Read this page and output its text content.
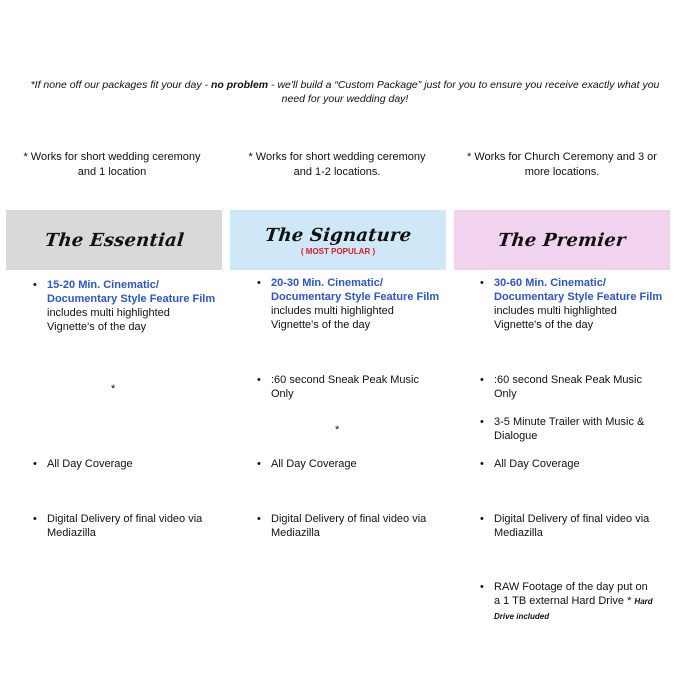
*If none off our packages fit your day - no problem - we'll build a “Custom Package” just for you to ensure you receive exactly what you need for your wedding day!
* Works for short wedding ceremony and 1 location
* Works for short wedding ceremony and 1-2 locations.
* Works for Church Ceremony and 3 or more locations.
The Essential	The Signature
( MOST POPULAR )
The Premier
• 15-20 Min. Cinematic/ Documentary Style Feature Film includes multi highlighted Vignette's of the day
*
• All Day Coverage
• Digital Delivery of final video via Mediazilla
• 20-30 Min. Cinematic/ Documentary Style Feature Film includes multi highlighted Vignette's of the day
• :60 second Sneak Peak Music Only
*
• All Day Coverage
• Digital Delivery of final video via Mediazilla
• 30-60 Min. Cinematic/ Documentary Style Feature Film includes multi highlighted Vignette's of the day
• :60 second Sneak Peak Music Only
• 3-5 Minute Trailer with Music & Dialogue
• All Day Coverage
• Digital Delivery of final video via Mediazilla
• RAW Footage of the day put on a 1 TB external Hard Drive * Hard Drive included
